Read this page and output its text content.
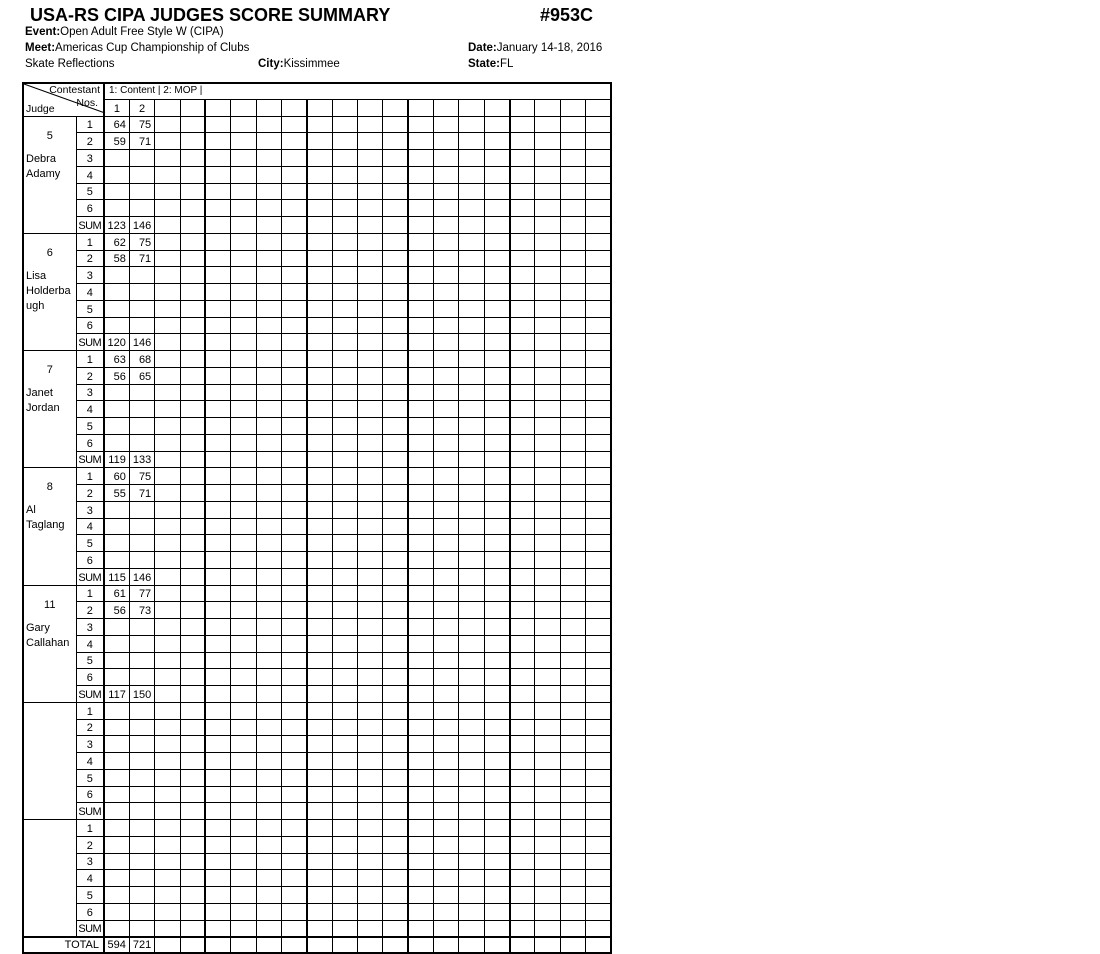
USA-RS CIPA JUDGES SCORE SUMMARY	#953C
Event:Open Adult Free Style W (CIPA)
Meet:Americas Cup Championship of Clubs	Date:January 14-18, 2016
Skate Reflections	City:Kissimmee	State:FL
Contestant
Nos.
Judge		1: Content | 2: MOP |																			
		1	2																		

5
Debra Adamy	1	64	75																		
	2	59	71																		
	3																				
	4																				
	5																				
	6																				
	SUM	123	146																		

6
Lisa Holderbaugh	1	62	75																		
	2	58	71																		
	3																				
	4																				
	5																				
	6																				
	SUM	120	146																		

7
Janet Jordan	1	63	68																		
	2	56	65																		
	3																				
	4																				
	5																				
	6																				
	SUM	119	133																		

8
Al Taglang	1	60	75																		
	2	55	71																		
	3																				
	4																				
	5																				
	6																				
	SUM	115	146																		

11
Gary Callahan	1	61	77																		
	2	56	73																		
	3																				
	4																				
	5																				
	6																				
	SUM	117	150																		

	1																				
	2																				
	3																				
	4																				
	5																				
	6																				
	SUM																				

	1																				
	2																				
	3																				
	4																				
	5																				
	6																				
	SUM																				
TOTAL		594	721																		
